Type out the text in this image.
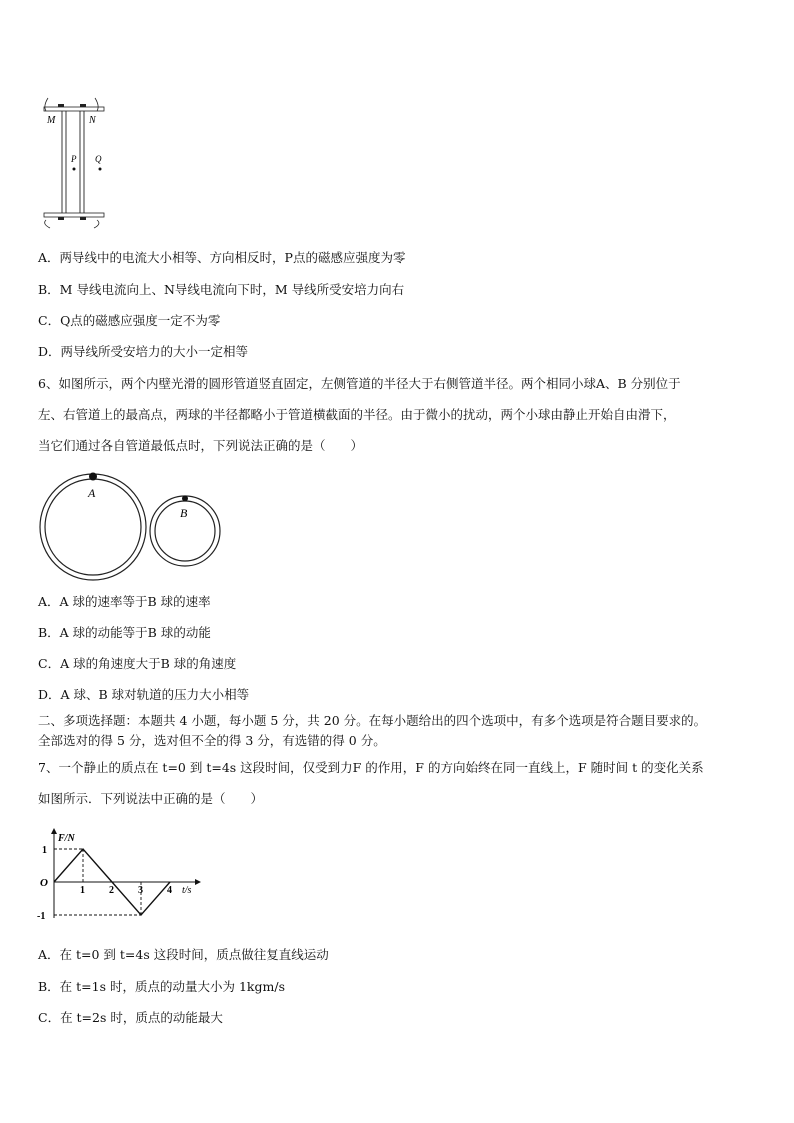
M	N
P Q

A．两导线中的电流大小相等、方向相反时，P点的磁感应强度为零

B．M 导线电流向上、N导线电流向下时，M 导线所受安培力向右

C．Q点的磁感应强度一定不为零

D．两导线所受安培力的大小一定相等

6、如图所示，两个内壁光滑的圆形管道竖直固定，左侧管道的半径大于右侧管道半径。两个相同小球A、B 分别位于

左、右管道上的最高点，两球的半径都略小于管道横截面的半径。由于微小的扰动，两个小球由静止开始自由滑下，

当它们通过各自管道最低点时，下列说法正确的是（　　）

A
B

A．A 球的速率等于B 球的速率

B．A 球的动能等于B 球的动能

C．A 球的角速度大于B 球的角速度

D．A 球、B 球对轨道的压力大小相等

二、多项选择题：本题共 4 小题，每小题 5 分，共 20 分。在每小题给出的四个选项中，有多个选项是符合题目要求的。

全部选对的得 5 分，选对但不全的得 3 分，有选错的得 0 分。

7、一个静止的质点在 t=0 到 t=4s 这段时间，仅受到力F 的作用，F 的方向始终在同一直线上，F 随时间 t 的变化关系

如图所示．下列说法中正确的是（　　）

F/N
t/s
O
1 2 3 4
1
-1

A．在 t=0 到 t=4s 这段时间，质点做往复直线运动

B．在 t=1s 时，质点的动量大小为 1kgm/s

C．在 t=2s 时，质点的动能最大
